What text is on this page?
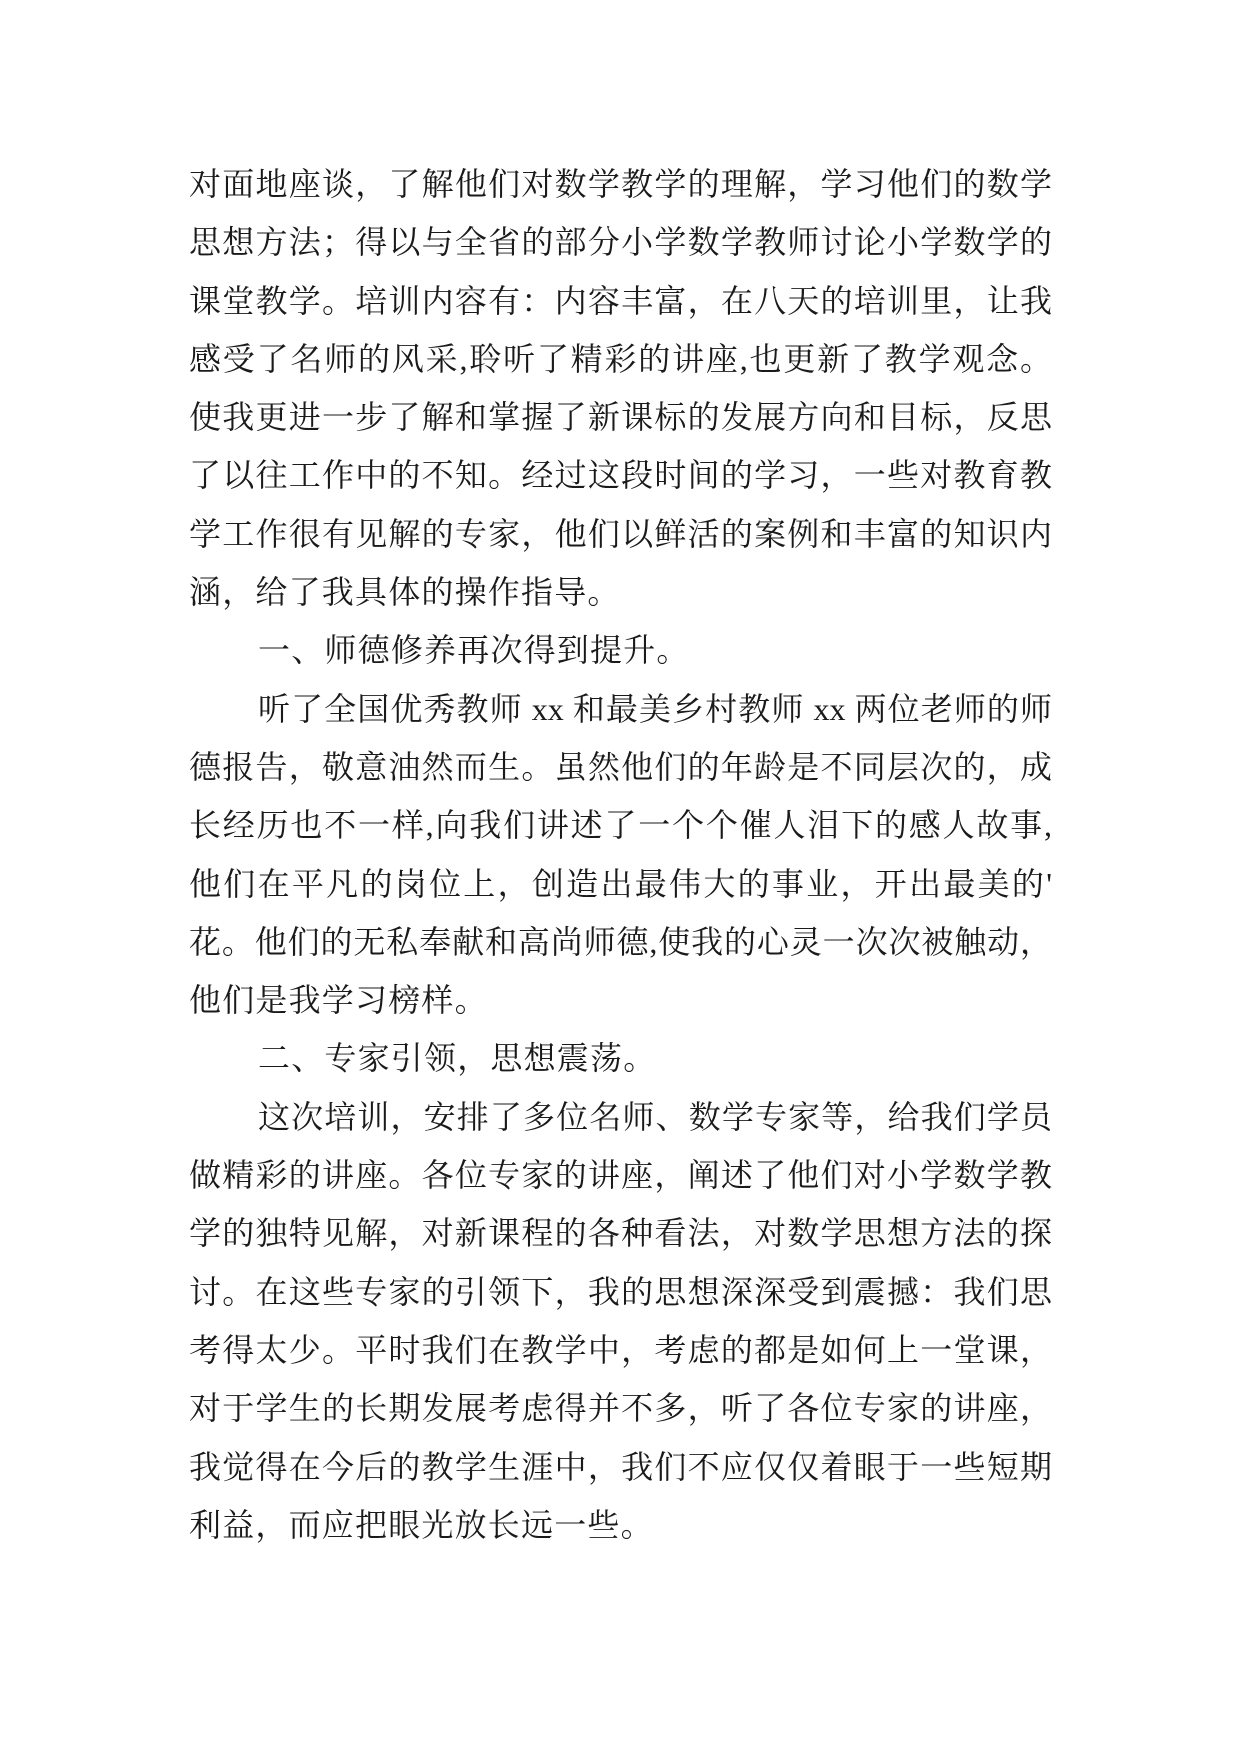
对面地座谈，了解他们对数学教学的理解，学习他们的数学
思想方法；得以与全省的部分小学数学教师讨论小学数学的
课堂教学。培训内容有：内容丰富，在八天的培训里，让我
感受了名师的风采,聆听了精彩的讲座,也更新了教学观念。
使我更进一步了解和掌握了新课标的发展方向和目标，反思
了以往工作中的不知。经过这段时间的学习，一些对教育教
学工作很有见解的专家，他们以鲜活的案例和丰富的知识内
涵，给了我具体的操作指导。
一、师德修养再次得到提升。
听了全国优秀教师 xx 和最美乡村教师 xx 两位老师的师
德报告，敬意油然而生。虽然他们的年龄是不同层次的，成
长经历也不一样,向我们讲述了一个个催人泪下的感人故事,
他们在平凡的岗位上，创造出最伟大的事业，开出最美的'
花。他们的无私奉献和高尚师德,使我的心灵一次次被触动，
他们是我学习榜样。
二、专家引领，思想震荡。
这次培训，安排了多位名师、数学专家等，给我们学员
做精彩的讲座。各位专家的讲座，阐述了他们对小学数学教
学的独特见解，对新课程的各种看法，对数学思想方法的探
讨。在这些专家的引领下，我的思想深深受到震撼：我们思
考得太少。平时我们在教学中，考虑的都是如何上一堂课，
对于学生的长期发展考虑得并不多，听了各位专家的讲座，
我觉得在今后的教学生涯中，我们不应仅仅着眼于一些短期
利益，而应把眼光放长远一些。
